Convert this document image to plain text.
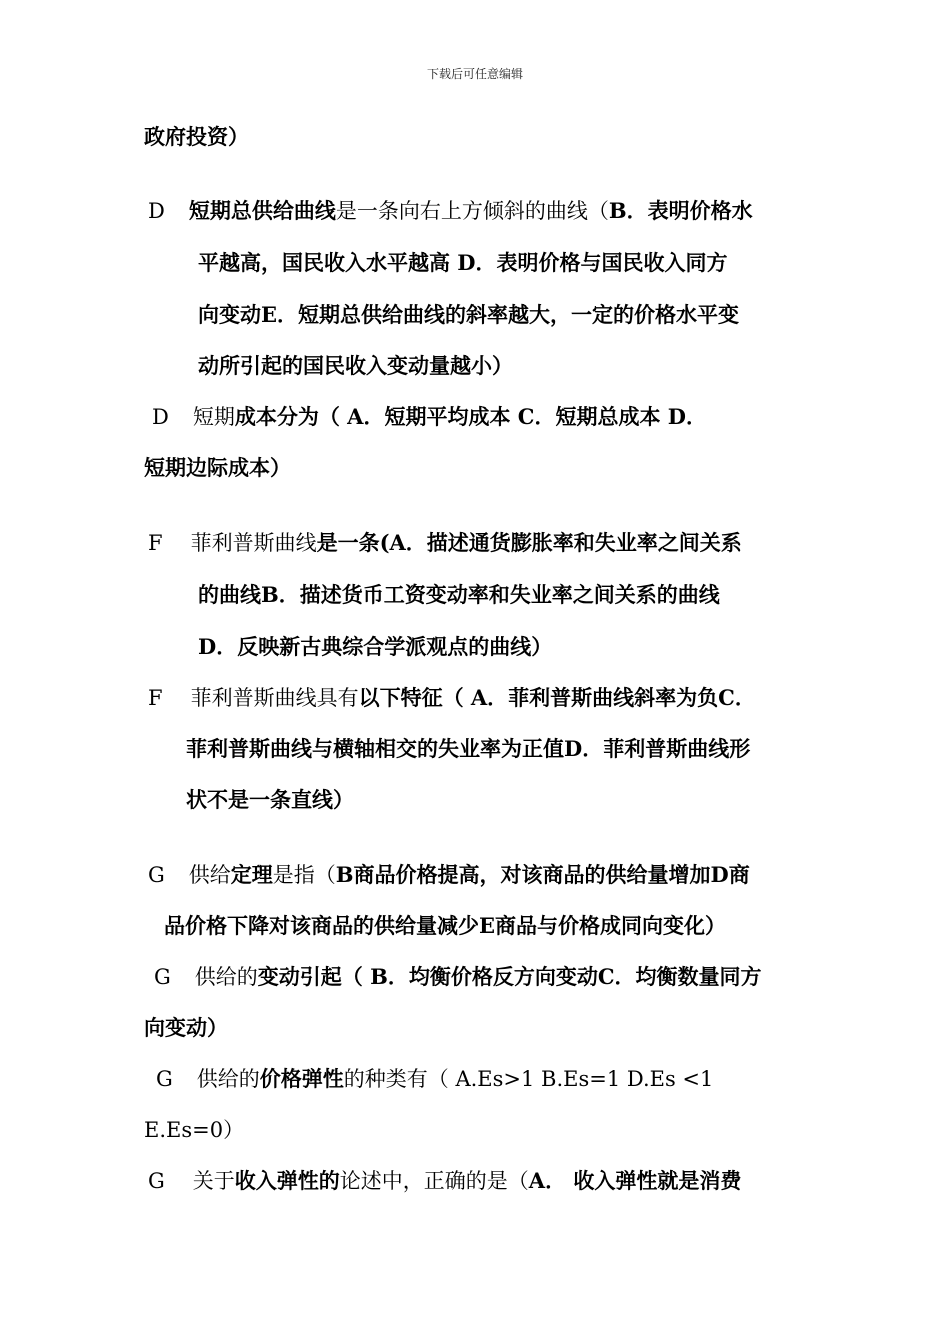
下载后可任意编辑
政府投资）
D 短期总供给曲线是一条向右上方倾斜的曲线（B．表明价格水
平越高，国民收入水平越高 D．表明价格与国民收入同方
向变动E．短期总供给曲线的斜率越大，一定的价格水平变
动所引起的国民收入变动量越小）
D 短期成本分为（ A．短期平均成本 C．短期总成本 D．
短期边际成本）
F 菲利普斯曲线是一条(A．描述通货膨胀率和失业率之间关系
的曲线B．描述货币工资变动率和失业率之间关系的曲线
D．反映新古典综合学派观点的曲线）
F 菲利普斯曲线具有以下特征（ A．菲利普斯曲线斜率为负C．
菲利普斯曲线与横轴相交的失业率为正值D．菲利普斯曲线形
状不是一条直线）
G 供给定理是指（B商品价格提高，对该商品的供给量增加D商
品价格下降对该商品的供给量减少E商品与价格成同向变化）
G 供给的变动引起（ B．均衡价格反方向变动C．均衡数量同方
向变动）
G 供给的价格弹性的种类有（ A.Es>1 B.Es=1 D.Es <1
E.Es=0）
G 关于收入弹性的论述中，正确的是（A． 收入弹性就是消费
